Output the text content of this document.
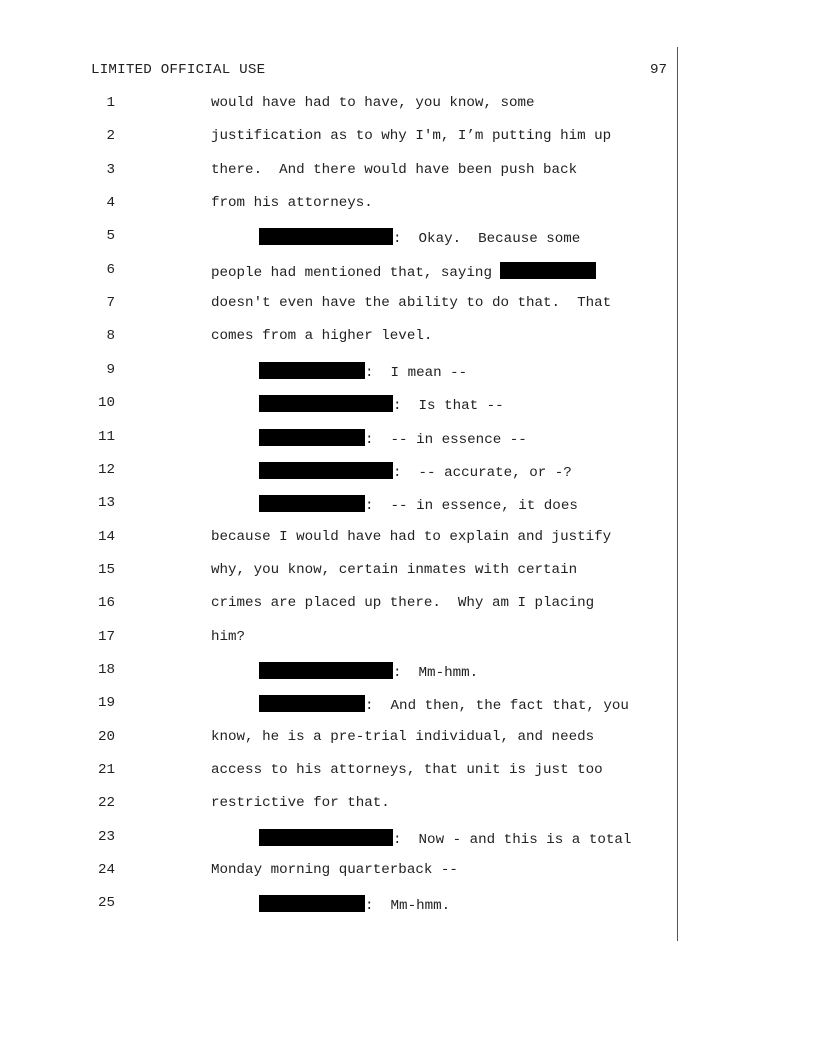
LIMITED OFFICIAL USE	97
1	would have had to have, you know, some
2	justification as to why I'm, I’m putting him up
3	there.  And there would have been push back
4	from his attorneys.
5	:  Okay.  Because some
6	people had mentioned that, saying
7	doesn't even have the ability to do that.  That
8	comes from a higher level.
9	:  I mean --
10	:  Is that --
11	:  -- in essence --
12	:  -- accurate, or -?
13	:  -- in essence, it does
14	because I would have had to explain and justify
15	why, you know, certain inmates with certain
16	crimes are placed up there.  Why am I placing
17	him?
18	:  Mm-hmm.
19	:  And then, the fact that, you
20	know, he is a pre-trial individual, and needs
21	access to his attorneys, that unit is just too
22	restrictive for that.
23	:  Now - and this is a total
24	Monday morning quarterback --
25	:  Mm-hmm.
